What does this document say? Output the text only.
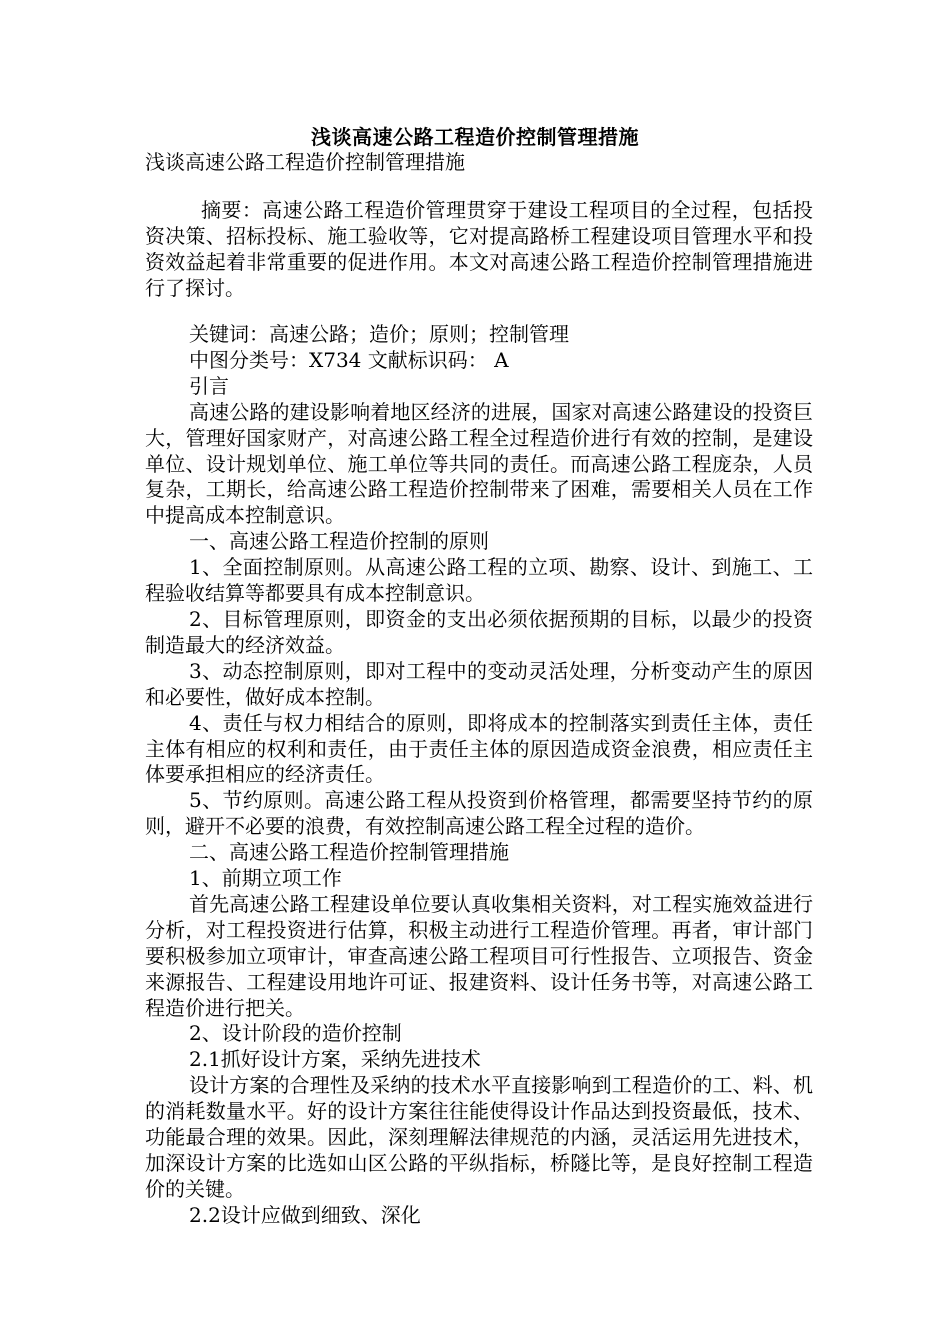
浅谈高速公路工程造价控制管理措施

浅谈高速公路工程造价控制管理措施

摘要：高速公路工程造价管理贯穿于建设工程项目的全过程，包括投资决策、招标投标、施工验收等，它对提高路桥工程建设项目管理水平和投资效益起着非常重要的促进作用。本文对高速公路工程造价控制管理措施进行了探讨。

关键词：高速公路；造价；原则；控制管理

中图分类号：X734 文献标识码： A

引言

高速公路的建设影响着地区经济的进展，国家对高速公路建设的投资巨大，管理好国家财产，对高速公路工程全过程造价进行有效的控制，是建设单位、设计规划单位、施工单位等共同的责任。而高速公路工程庞杂，人员复杂，工期长，给高速公路工程造价控制带来了困难，需要相关人员在工作中提高成本控制意识。

一、高速公路工程造价控制的原则

1、全面控制原则。从高速公路工程的立项、勘察、设计、到施工、工程验收结算等都要具有成本控制意识。

2、目标管理原则，即资金的支出必须依据预期的目标，以最少的投资制造最大的经济效益。

3、动态控制原则，即对工程中的变动灵活处理，分析变动产生的原因和必要性，做好成本控制。

4、责任与权力相结合的原则，即将成本的控制落实到责任主体，责任主体有相应的权利和责任，由于责任主体的原因造成资金浪费，相应责任主体要承担相应的经济责任。

5、节约原则。高速公路工程从投资到价格管理，都需要坚持节约的原则，避开不必要的浪费，有效控制高速公路工程全过程的造价。

二、高速公路工程造价控制管理措施

1、前期立项工作

首先高速公路工程建设单位要认真收集相关资料，对工程实施效益进行分析，对工程投资进行估算，积极主动进行工程造价管理。再者，审计部门要积极参加立项审计，审查高速公路工程项目可行性报告、立项报告、资金来源报告、工程建设用地许可证、报建资料、设计任务书等，对高速公路工程造价进行把关。

2、设计阶段的造价控制

2.1抓好设计方案，采纳先进技术

设计方案的合理性及采纳的技术水平直接影响到工程造价的工、料、机的消耗数量水平。好的设计方案往往能使得设计作品达到投资最低，技术、功能最合理的效果。因此，深刻理解法律规范的内涵，灵活运用先进技术，加深设计方案的比选如山区公路的平纵指标，桥隧比等，是良好控制工程造价的关键。

2.2设计应做到细致、深化
